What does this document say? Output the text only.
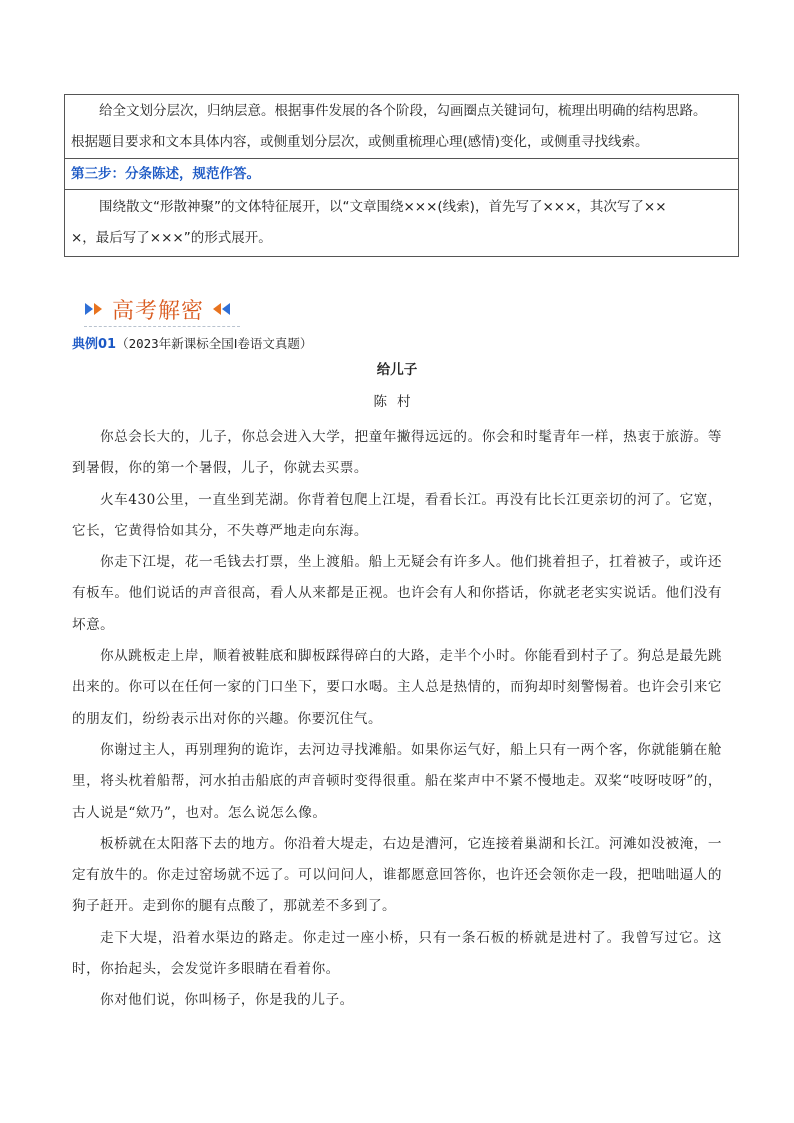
给全文划分层次，归纳层意。根据事件发展的各个阶段，勾画圈点关键词句，梳理出明确的结构思路。

根据题目要求和文本具体内容，或侧重划分层次，或侧重梳理心理(感情)变化，或侧重寻找线索。

第三步：分条陈述，规范作答。

围绕散文“形散神聚”的文体特征展开，以“文章围绕×××(线索)，首先写了×××，其次写了××

×，最后写了×××”的形式展开。

高考解密
典例01（2023年新课标全国Ⅰ卷语文真题）
给儿子
陈村

你总会长大的，儿子，你总会进入大学，把童年撇得远远的。你会和时髦青年一样，热衷于旅游。等到暑假，你的第一个暑假，儿子，你就去买票。

火车430公里，一直坐到芜湖。你背着包爬上江堤，看看长江。再没有比长江更亲切的河了。它宽，它长，它黄得恰如其分，不失尊严地走向东海。

你走下江堤，花一毛钱去打票，坐上渡船。船上无疑会有许多人。他们挑着担子，扛着被子，或许还有板车。他们说话的声音很高，看人从来都是正视。也许会有人和你搭话，你就老老实实说话。他们没有坏意。

你从跳板走上岸，顺着被鞋底和脚板踩得碎白的大路，走半个小时。你能看到村子了。狗总是最先跳出来的。你可以在任何一家的门口坐下，要口水喝。主人总是热情的，而狗却时刻警惕着。也许会引来它的朋友们，纷纷表示出对你的兴趣。你要沉住气。

你谢过主人，再别理狗的诡诈，去河边寻找滩船。如果你运气好，船上只有一两个客，你就能躺在舱里，将头枕着船帮，河水拍击船底的声音顿时变得很重。船在桨声中不紧不慢地走。双桨“吱呀吱呀”的，古人说是“欸乃”，也对。怎么说怎么像。

板桥就在太阳落下去的地方。你沿着大堤走，右边是漕河，它连接着巢湖和长江。河滩如没被淹，一定有放牛的。你走过窑场就不远了。可以问问人，谁都愿意回答你，也许还会领你走一段，把咄咄逼人的狗子赶开。走到你的腿有点酸了，那就差不多到了。

走下大堤，沿着水渠边的路走。你走过一座小桥，只有一条石板的桥就是进村了。我曾写过它。这时，你抬起头，会发觉许多眼睛在看着你。

你对他们说，你叫杨子，你是我的儿子。
